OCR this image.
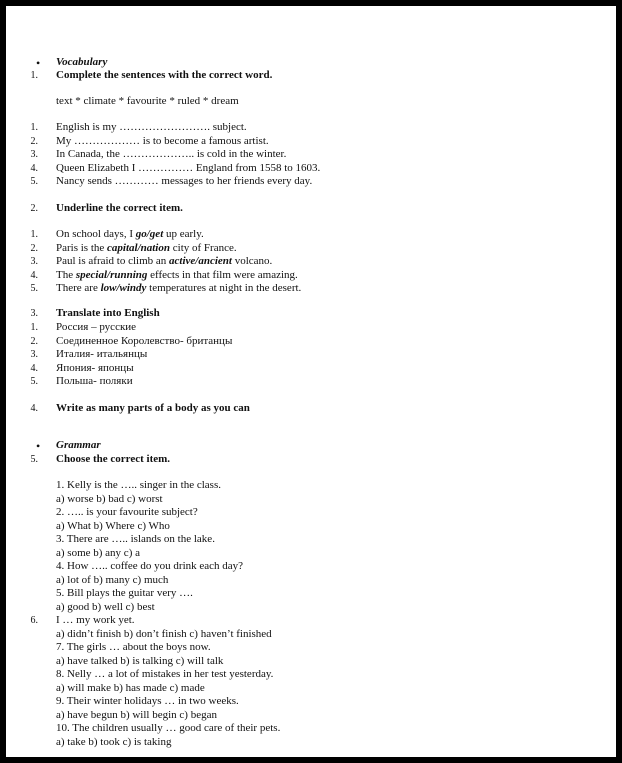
• Vocabulary
1. Complete the sentences with the correct word.
text * climate * favourite * ruled * dream
1. English is my ……………………. subject.
2. My ……………… is to become a famous artist.
3. In Canada, the ……………….. is cold in the winter.
4. Queen Elizabeth I …………… England from 1558 to 1603.
5. Nancy sends ………… messages to her friends every day.
2. Underline the correct item.
1. On school days, I go/get up early.
2. Paris is the capital/nation city of France.
3. Paul is afraid to climb an active/ancient volcano.
4. The special/running effects in that film were amazing.
5. There are low/windy temperatures at night in the desert.
3. Translate into English
1. Россия – русские
2. Соединенное Королевство- британцы
3. Италия- итальянцы
4. Япония- японцы
5. Польша- поляки
4. Write as many parts of a body as you can
• Grammar
5. Choose the correct item.
1. Kelly is the ….. singer in the class.
a) worse b) bad c) worst
2. ….. is your favourite subject?
a) What b) Where c) Who
3. There are ….. islands on the lake.
a) some b) any c) a
4. How ….. coffee do you drink each day?
a) lot of b) many c) much
5. Bill plays the guitar very ….
a) good b) well c) best
6. I … my work yet.
a) didn’t finish b) don’t finish c) haven’t finished
7. The girls … about the boys now.
a) have talked b) is talking c) will talk
8. Nelly … a lot of mistakes in her test yesterday.
a) will make b) has made c) made
9. Their winter holidays … in two weeks.
a) have begun b) will begin c) began
10. The children usually … good care of their pets.
a) take b) took c) is taking
